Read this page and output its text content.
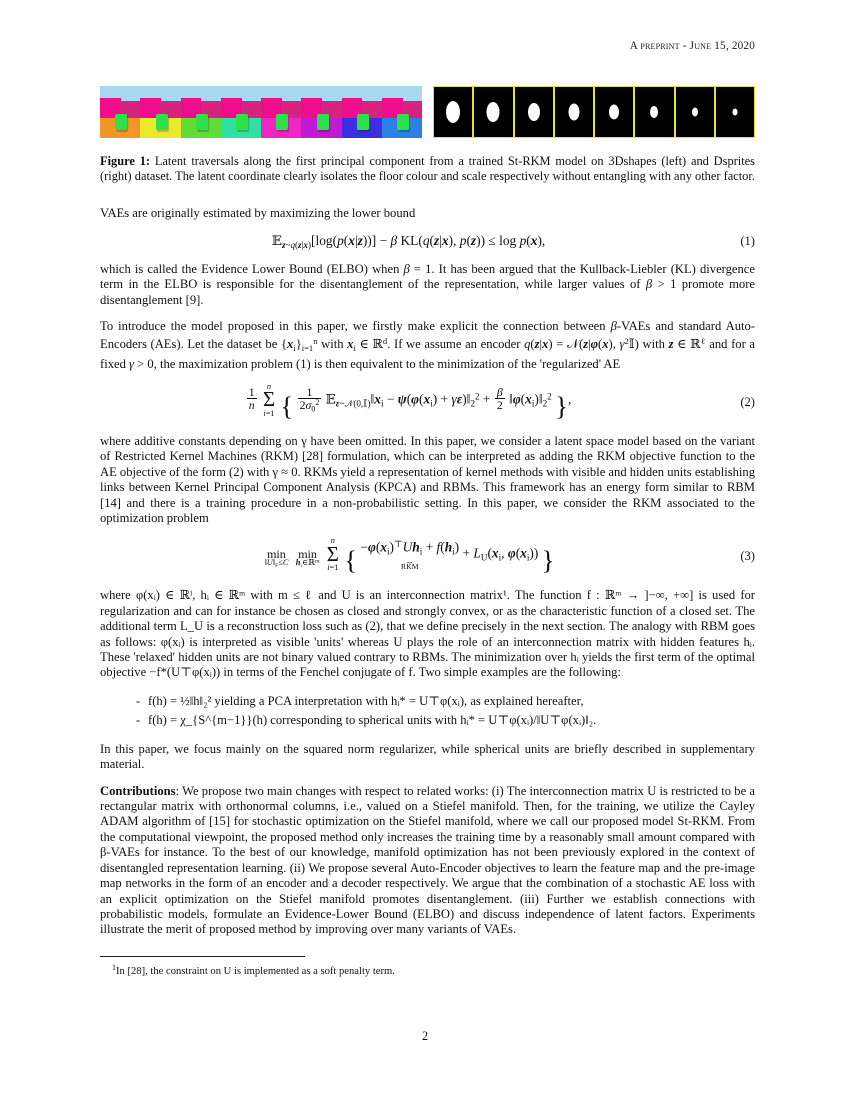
A preprint - June 15, 2020
Figure 1: Latent traversals along the first principal component from a trained St-RKM model on 3Dshapes (left) and Dsprites (right) dataset. The latent coordinate clearly isolates the floor colour and scale respectively without entangling with any other factor.

VAEs are originally estimated by maximizing the lower bound

𝔼$_{z\sim q(z|x)}$[log(p(x|z))] − β KL(q(z|x), p(z)) ≤ log p(x),	(1)

which is called the Evidence Lower Bound (ELBO) when β = 1. It has been argued that the Kullback-Liebler (KL) divergence term in the ELBO is responsible for the disentanglement of the representation, while larger values of β > 1 promote more disentanglement [9].

To introduce the model proposed in this paper, we firstly make explicit the connection between β-VAEs and standard Auto-Encoders (AEs). Let the dataset be $\{x_i\}_{i=1}^n$ with $x_i$ ∈ ℝ$^d$. If we assume an encoder q(z|x) = 𝒩(z|φ(x), $\gamma^2𝕀$) with z ∈ ℝ$^\ell$ and for a fixed γ > 0, the maximization problem (1) is then equivalent to the minimization of the 'regularized' AE

$\frac{1}{n}$
	n
Σ
i=1 { $\frac{1}{2\sigma_0^2}$ $𝔼_{\varepsilon\sim 𝒩(0,𝕀)}‖x_i - \psi(\varphi(x_i)$ + $\gamma\varepsilon)‖_2^2 + \frac{\beta}{2}$ $‖\varphi(x_i)‖_2^2$ },	(2)

where additive constants depending on γ have been omitted. In this paper, we consider a latent space model based on the variant of Restricted Kernel Machines (RKM) [28] formulation, which can be interpreted as adding the RKM objective function to the AE objective of the form (2) with γ ≈ 0. RKMs yield a representation of kernel methods with visible and hidden units establishing links between Kernel Principal Component Analysis (KPCA) and RBMs. This framework has an energy form similar to RBM [14] and there is a training procedure in a non-probabilistic setting. In this paper, we consider the RKM associated to the optimization problem

min
$‖U‖_F\le C$

min
$h_i\in ℝ^m$

n
Σ
i=1 { $-\varphi(x_i)^⊤Uh_i + f(h_i)$
⏟
RKM
+ $L_U(x_i$, $\varphi(x_i)$) }	(3)

where φ(xᵢ) ∈ ℝˡ, hᵢ ∈ ℝᵐ with m ≤ ℓ and U is an interconnection matrix¹. The function f : ℝᵐ → ]−∞, +∞] is used for regularization and can for instance be chosen as closed and strongly convex, or as the characteristic function of a closed set. The additional term L_U is a reconstruction loss such as (2), that we define precisely in the next section. The analogy with RBM goes as follows: φ(xᵢ) is interpreted as visible 'units' whereas U plays the role of an interconnection matrix with hidden features hᵢ. These 'relaxed' hidden units are not binary valued contrary to RBMs. The minimization over hᵢ yields the first term of the optimal objective −f*(U⊤φ(xᵢ)) in terms of the Fenchel conjugate of f. Two simple examples are the following:

- f(h) = ½‖h‖₂² yielding a PCA interpretation with hᵢ* = U⊤φ(xᵢ), as explained hereafter,
- f(h) = χ_{S^{m−1}}(h) corresponding to spherical units with hᵢ* = U⊤φ(xᵢ)/‖U⊤φ(xᵢ)‖₂.

In this paper, we focus mainly on the squared norm regularizer, while spherical units are briefly described in supplementary material.

Contributions: We propose two main changes with respect to related works: (i) The interconnection matrix U is restricted to be a rectangular matrix with orthonormal columns, i.e., valued on a Stiefel manifold. Then, for the training, we utilize the Cayley ADAM algorithm of [15] for stochastic optimization on the Stiefel manifold, where we call our proposed model St-RKM. From the computational viewpoint, the proposed method only increases the training time by a reasonably small amount compared with β-VAEs for instance. To the best of our knowledge, manifold optimization has not been previously explored in the context of disentangled representation learning. (ii) We propose several Auto-Encoder objectives to learn the feature map and the pre-image map networks in the form of an encoder and a decoder respectively. We argue that the combination of a stochastic AE loss with an explicit optimization on the Stiefel manifold promotes disentanglement. (iii) Further we establish connections with probabilistic models, formulate an Evidence-Lower Bound (ELBO) and discuss independence of latent factors. Experiments illustrate the merit of proposed method by improving over many variants of VAEs.

$^1$In [28], the constraint on U is implemented as a soft penalty term.
2
